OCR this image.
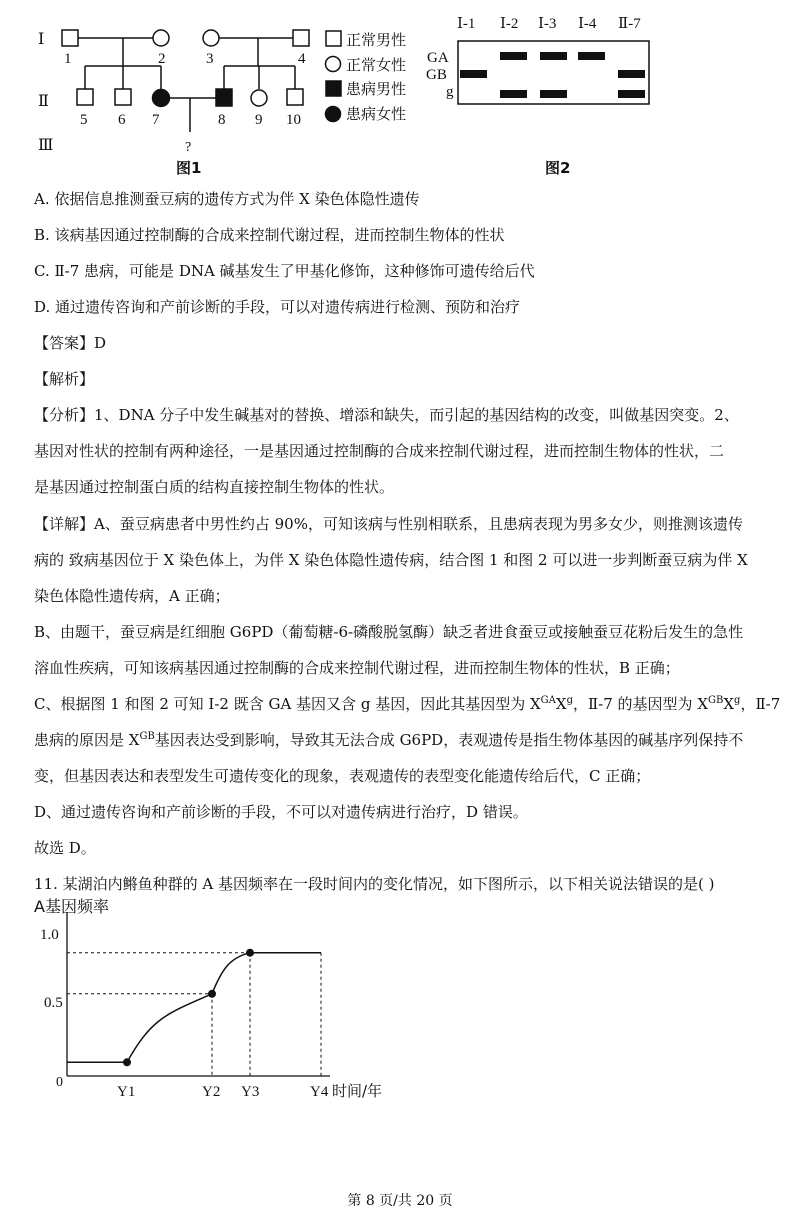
Ⅰ
Ⅱ
Ⅲ	?
1	2	3	4
5 6 7	8 9 10
正常男性
正常女性
患病男性
患病女性
图1
Ⅰ-1 Ⅰ-2 Ⅰ-3 Ⅰ-4 Ⅱ-7
GA
GB
g
图2
A. 依据信息推测蚕豆病的遗传方式为伴 X 染色体隐性遗传
B. 该病基因通过控制酶的合成来控制代谢过程，进而控制生物体的性状
C. Ⅱ-7 患病，可能是 DNA 碱基发生了甲基化修饰，这种修饰可遗传给后代
D. 通过遗传咨询和产前诊断的手段，可以对遗传病进行检测、预防和治疗
【答案】D
【解析】
【分析】1、DNA 分子中发生碱基对的替换、增添和缺失，而引起的基因结构的改变，叫做基因突变。2、
基因对性状的控制有两种途径，一是基因通过控制酶的合成来控制代谢过程，进而控制生物体的性状，二
是基因通过控制蛋白质的结构直接控制生物体的性状。
【详解】A、蚕豆病患者中男性约占 90%，可知该病与性别相联系，且患病表现为男多女少，则推测该遗传
病的 致病基因位于 X 染色体上，为伴 X 染色体隐性遗传病，结合图 1 和图 2 可以进一步判断蚕豆病为伴 X
染色体隐性遗传病，A 正确；
B、由题干，蚕豆病是红细胞 G6PD（葡萄糖-6-磷酸脱氢酶）缺乏者进食蚕豆或接触蚕豆花粉后发生的急性
溶血性疾病，可知该病基因通过控制酶的合成来控制代谢过程，进而控制生物体的性状，B 正确；
C、根据图 1 和图 2 可知 Ⅰ-2 既含 GA 基因又含 g 基因，因此其基因型为 $X^{GA}X^g$，Ⅱ-7 的基因型为 $X^{GB}X^g$，Ⅱ-7
患病的原因是 $X^{GB}$基因表达受到影响，导致其无法合成 G6PD，表观遗传是指生物体基因的碱基序列保持不
变，但基因表达和表型发生可遗传变化的现象，表观遗传的表型变化能遗传给后代，C 正确；
D、通过遗传咨询和产前诊断的手段，不可以对遗传病进行治疗，D 错误。
故选 D。
11. 某湖泊内鳉鱼种群的 A 基因频率在一段时间内的变化情况，如下图所示，以下相关说法错误的是( )
A基因频率
0
1.0
0.5
Y1	Y2 Y3	Y4 时间/年
第 8 页/共 20 页
